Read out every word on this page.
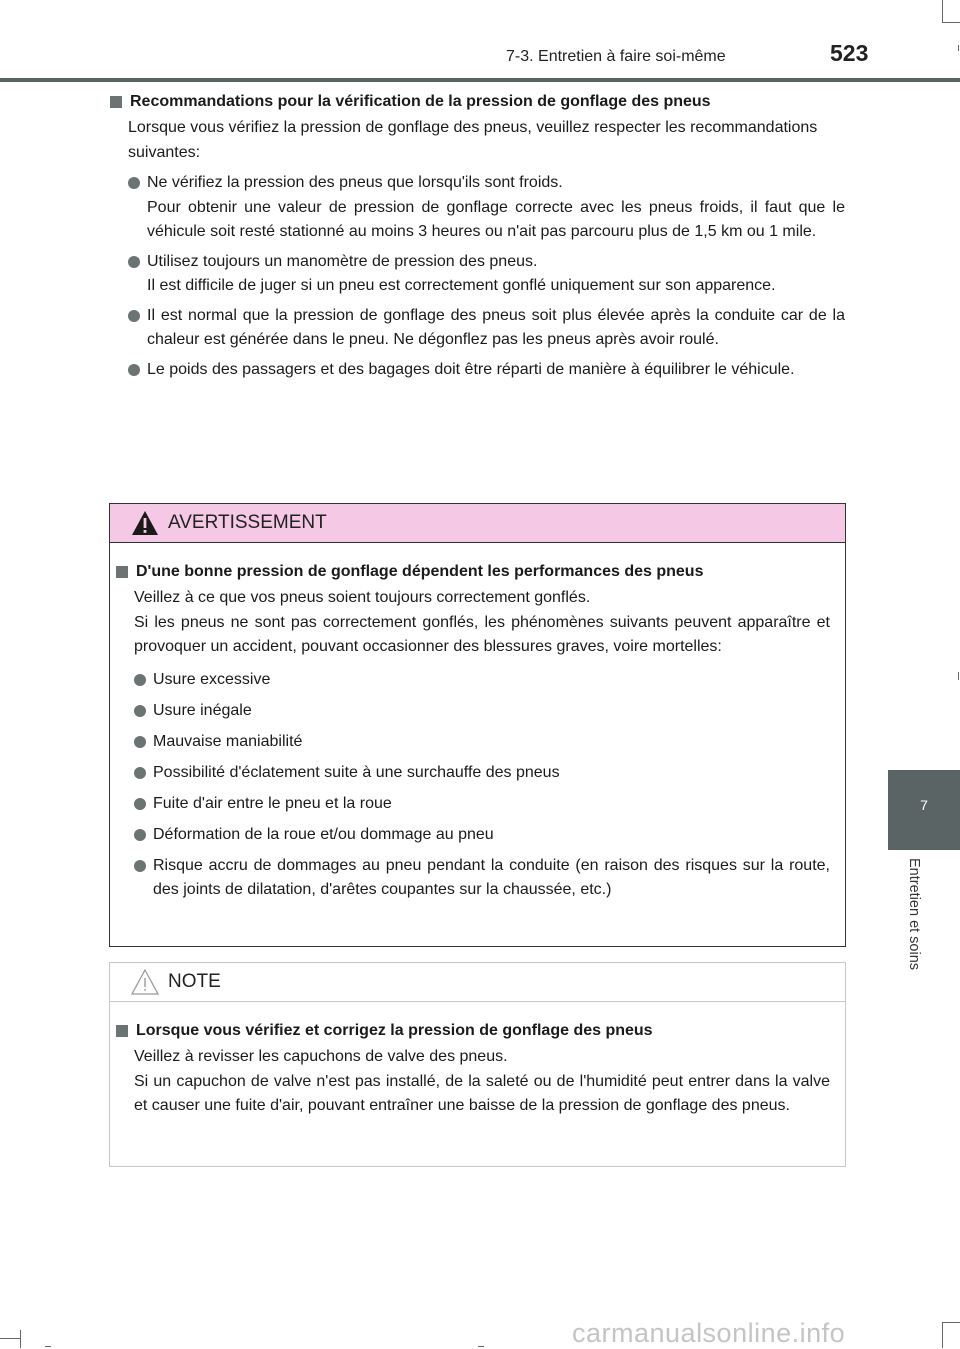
7-3. Entretien à faire soi-même	523
Recommandations pour la vérification de la pression de gonflage des pneus
Lorsque vous vérifiez la pression de gonflage des pneus, veuillez respecter les recommandations suivantes:

Ne vérifiez la pression des pneus que lorsqu'ils sont froids.

Pour obtenir une valeur de pression de gonflage correcte avec les pneus froids, il faut que le véhicule soit resté stationné au moins 3 heures ou n'ait pas parcouru plus de 1,5 km ou 1 mile.

Utilisez toujours un manomètre de pression des pneus.

Il est difficile de juger si un pneu est correctement gonflé uniquement sur son apparence.

Il est normal que la pression de gonflage des pneus soit plus élevée après la conduite car de la chaleur est générée dans le pneu. Ne dégonflez pas les pneus après avoir roulé.

Le poids des passagers et des bagages doit être réparti de manière à équilibrer le véhicule.

AVERTISSEMENT
D'une bonne pression de gonflage dépendent les performances des pneus
Veillez à ce que vos pneus soient toujours correctement gonflés.
Si les pneus ne sont pas correctement gonflés, les phénomènes suivants peuvent apparaître et provoquer un accident, pouvant occasionner des blessures graves, voire mortelles:
Usure excessive
Usure inégale
Mauvaise maniabilité
Possibilité d'éclatement suite à une surchauffe des pneus
Fuite d'air entre le pneu et la roue
Déformation de la roue et/ou dommage au pneu
Risque accru de dommages au pneu pendant la conduite (en raison des risques sur la route, des joints de dilatation, d'arêtes coupantes sur la chaussée, etc.)
NOTE
Lorsque vous vérifiez et corrigez la pression de gonflage des pneus
Veillez à revisser les capuchons de valve des pneus.
Si un capuchon de valve n'est pas installé, de la saleté ou de l'humidité peut entrer dans la valve et causer une fuite d'air, pouvant entraîner une baisse de la pression de gonflage des pneus.
7
Entretien et soins
carmanualsonline.info
